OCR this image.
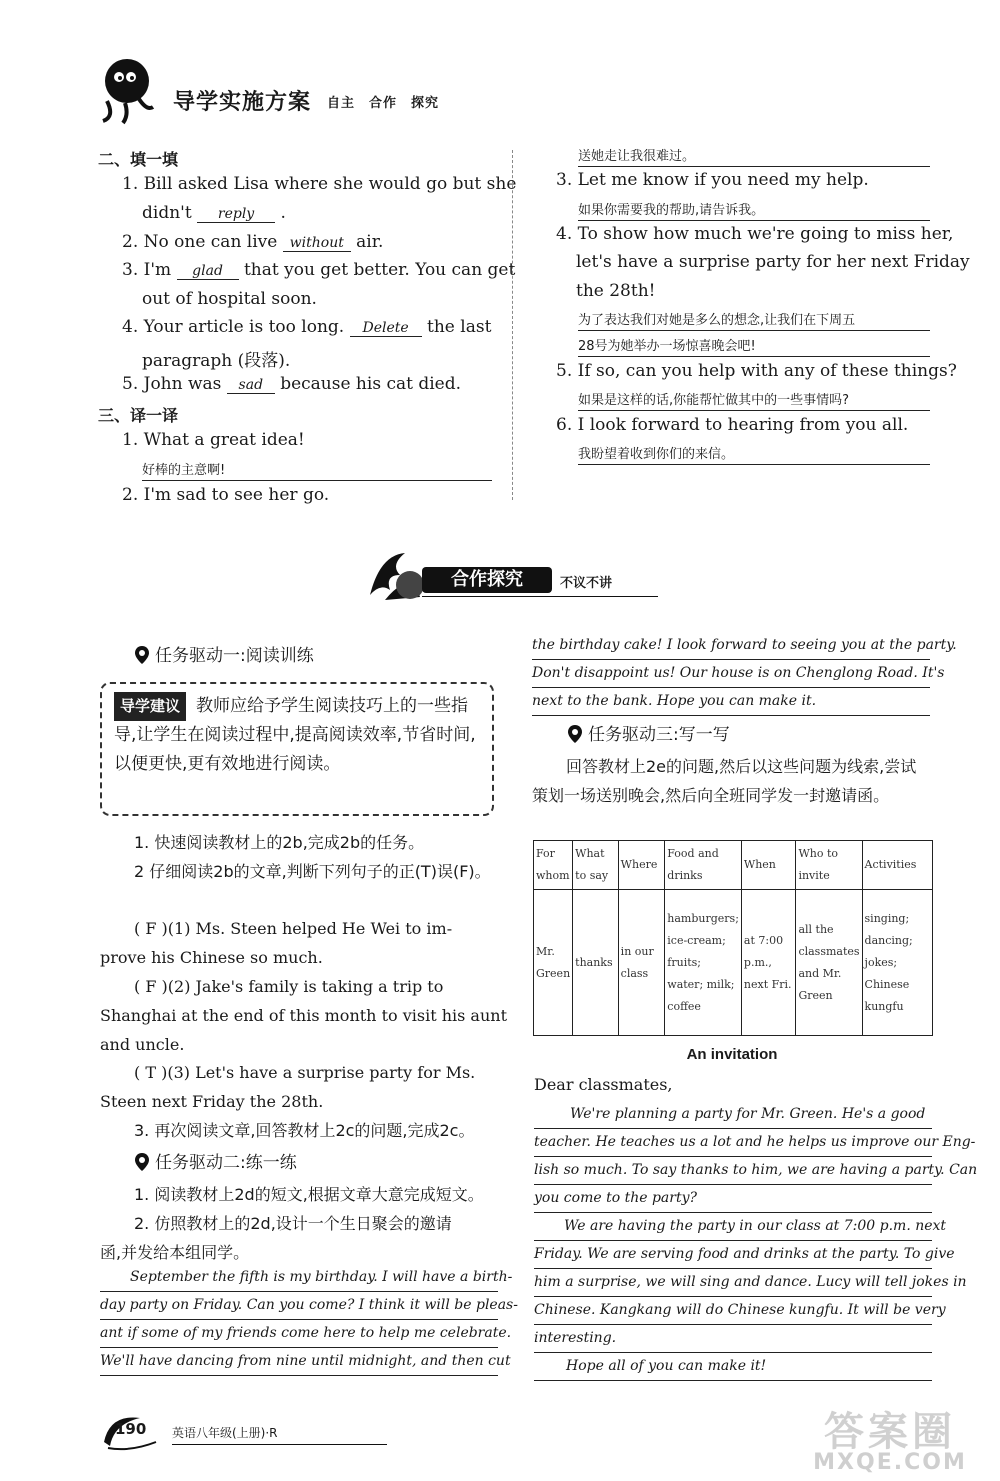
导学实施方案 自主 合作 探究
二、填一填
1. Bill asked Lisa where she would go but she
didn't reply .
2. No one can live without air.
3. I'm glad that you get better. You can get
out of hospital soon.
4. Your article is too long. Delete the last
paragraph (段落).
5. John was sad because his cat died.
三、译一译
1. What a great idea!
好棒的主意啊!
2. I'm sad to see her go.
送她走让我很难过。
3. Let me know if you need my help.
如果你需要我的帮助,请告诉我。
4. To show how much we're going to miss her,
let's have a surprise party for her next Friday
the 28th!
为了表达我们对她是多么的想念,让我们在下周五
28号为她举办一场惊喜晚会吧!
5. If so, can you help with any of these things?
如果是这样的话,你能帮忙做其中的一些事情吗?
6. I look forward to hearing from you all.
我盼望着收到你们的来信。
合作探究	不议不讲
任务驱动一:阅读训练
导学建议 教师应给予学生阅读技巧上的一些指导,让学生在阅读过程中,提高阅读效率,节省时间,以便更快,更有效地进行阅读。
1. 快速阅读教材上的2b,完成2b的任务。
2 仔细阅读2b的文章,判断下列句子的正(T)误(F)。
( F )(1) Ms. Steen helped He Wei to im-
prove his Chinese so much.
( F )(2) Jake's family is taking a trip to
Shanghai at the end of this month to visit his aunt
and uncle.
( T )(3) Let's have a surprise party for Ms.
Steen next Friday the 28th.
3. 再次阅读文章,回答教材上2c的问题,完成2c。
任务驱动二:练一练
1. 阅读教材上2d的短文,根据文章大意完成短文。
2. 仿照教材上的2d,设计一个生日聚会的邀请
函,并发给本组同学。
September the fifth is my birthday. I will have a birth-
day party on Friday. Can you come? I think it will be pleas-
ant if some of my friends come here to help me celebrate.
We'll have dancing from nine until midnight, and then cut
the birthday cake! I look forward to seeing you at the party.
Don't disappoint us! Our house is on Chenglong Road. It's
next to the bank. Hope you can make it.
任务驱动三:写一写
回答教材上2e的问题,然后以这些问题为线索,尝试策划一场送别晚会,然后向全班同学发一封邀请函。
For whom	What to say	Where	Food and drinks	When	Who to invite	Activities
Mr. Green	thanks	in our class	hamburgers; ice-cream; fruits; water; milk; coffee	at 7:00 p.m., next Fri.	all the classmates and Mr. Green	singing; dancing; jokes; Chinese kungfu
An invitation
Dear classmates,
We're planning a party for Mr. Green. He's a good
teacher. He teaches us a lot and he helps us improve our Eng-
lish so much. To say thanks to him, we are having a party. Can
you come to the party?
We are having the party in our class at 7:00 p.m. next
Friday. We are serving food and drinks at the party. To give
him a surprise, we will sing and dance. Lucy will tell jokes in
Chinese. Kangkang will do Chinese kungfu. It will be very
interesting.
Hope all of you can make it!
190 英语八年级(上册)·R	答案圈
MXQE.COM
